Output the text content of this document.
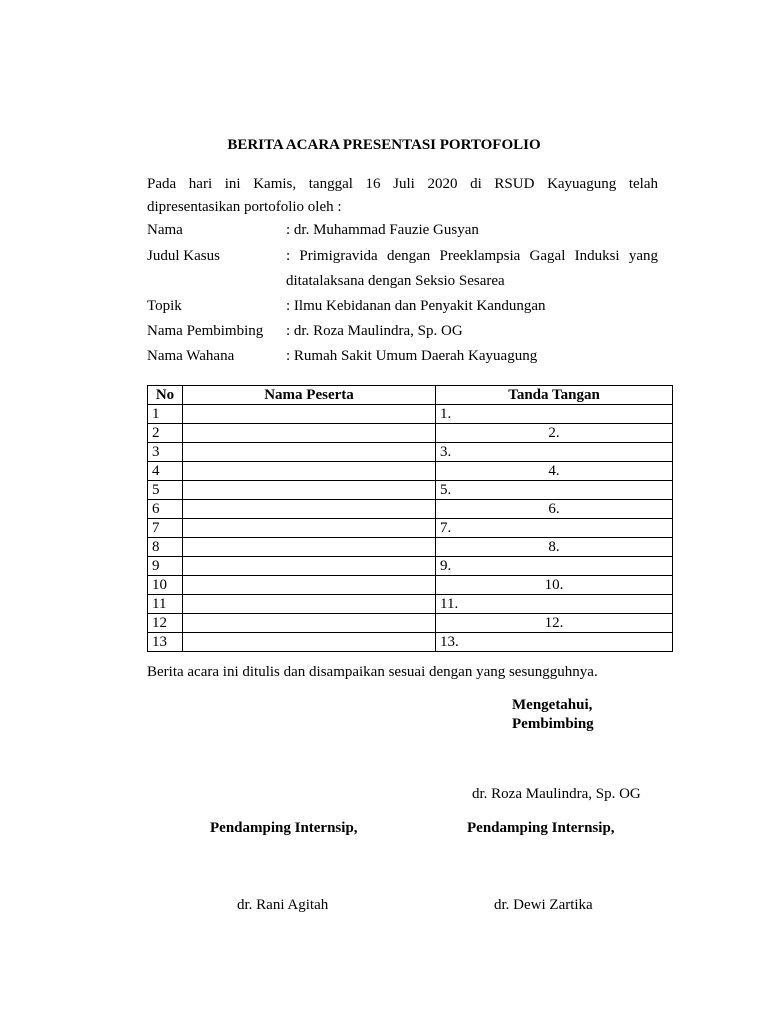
BERITA ACARA PRESENTASI PORTOFOLIO
Pada hari ini Kamis, tanggal 16 Juli 2020 di RSUD Kayuagung telah
dipresentasikan portofolio oleh :
Nama	: dr. Muhammad Fauzie Gusyan
Judul Kasus	: Primigravida dengan Preeklampsia Gagal Induksi yang
ditatalaksana dengan Seksio Sesarea
Topik	: Ilmu Kebidanan dan Penyakit Kandungan
Nama Pembimbing : dr. Roza Maulindra, Sp. OG
Nama Wahana	: Rumah Sakit Umum Daerah Kayuagung
No	Nama Peserta	Tanda Tangan
1		1.
2		2.
3		3.
4		4.
5		5.
6		6.
7		7.
8		8.
9		9.
10		10.
11		11.
12		12.
13		13.
Berita acara ini ditulis dan disampaikan sesuai dengan yang sesungguhnya.
Mengetahui,
Pembimbing
dr. Roza Maulindra, Sp. OG
Pendamping Internsip,	Pendamping Internsip,
dr. Rani Agitah	dr. Dewi Zartika
